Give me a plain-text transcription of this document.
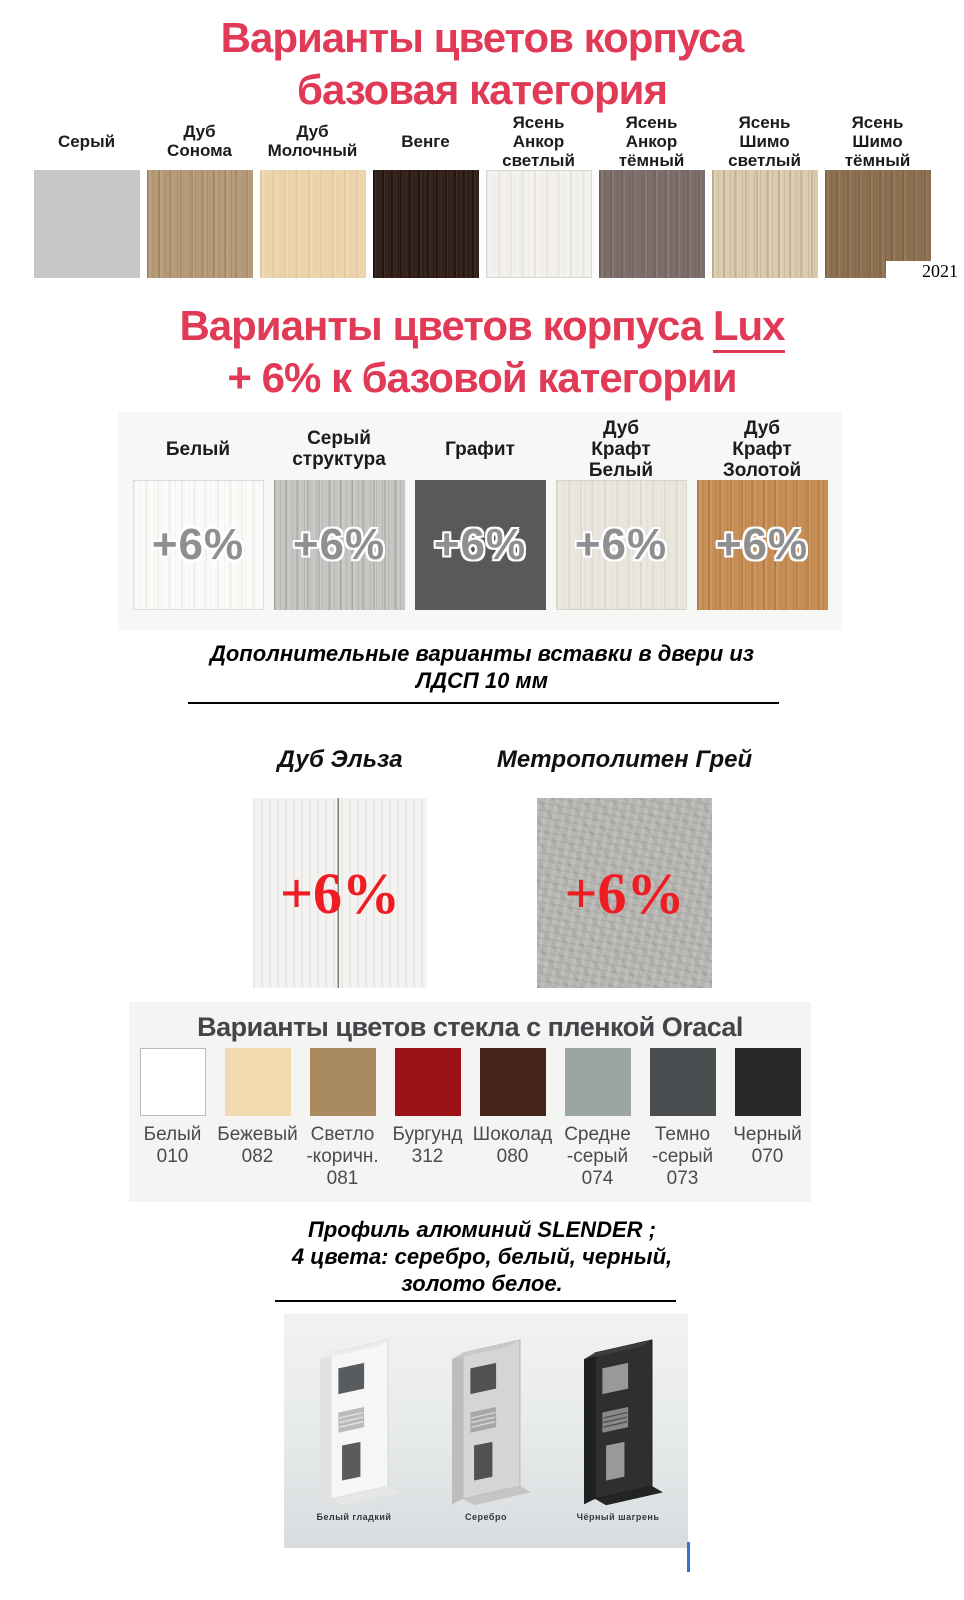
Варианты цветов корпуса
базовая категория
Серый	Дуб
Сонома
Дуб
Молочный	Венге
Ясень
Анкор
светлый
Ясень
Анкор
тёмный
Ясень
Шимо
светлый
Ясень
Шимо
тёмный
2021
Варианты цветов корпуса Lux
+ 6% к базовой категории
Белый
+6%
Серый
структура
+6%
Графит
+6%
Дуб
Крафт
Белый
+6%
Дуб
Крафт
Золотой
+6%
Дополнительные варианты вставки в двери из
ЛДСП 10 мм
Дуб Эльза
+6%
Метрополитен Грей
+6%
Варианты цветов стекла с пленкой Oracal
Белый
010
Бежевый
082
Светло
-коричн.
081
Бургунд
312
Шоколад
080
Средне
-серый
074
Темно
-серый
073
Черный
070
Профиль алюминий SLENDER ;
4 цвета: серебро, белый, черный,
золото белое.
Белый гладкий	Серебро	Чёрный шагрень
